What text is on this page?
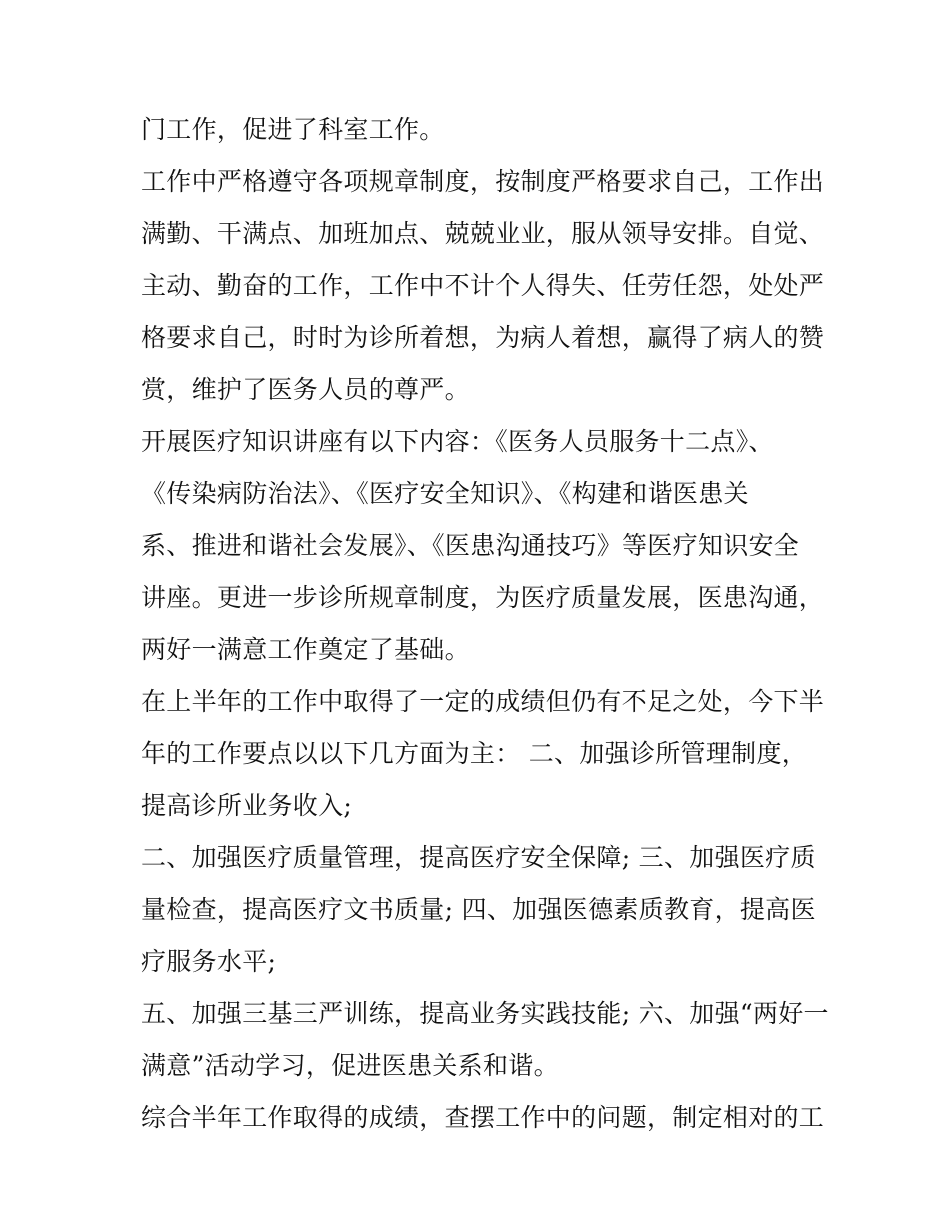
门工作，促进了科室工作。
工作中严格遵守各项规章制度，按制度严格要求自己，工作出
满勤、干满点、加班加点、兢兢业业，服从领导安排。自觉、
主动、勤奋的工作，工作中不计个人得失、任劳任怨，处处严
格要求自己，时时为诊所着想，为病人着想，赢得了病人的赞
赏，维护了医务人员的尊严。
开展医疗知识讲座有以下内容：《医务人员服务十二点》、
《传染病防治法》、《医疗安全知识》、《构建和谐医患关
系、推进和谐社会发展》、《医患沟通技巧》等医疗知识安全
讲座。更进一步诊所规章制度，为医疗质量发展，医患沟通，
两好一满意工作奠定了基础。
在上半年的工作中取得了一定的成绩但仍有不足之处，今下半
年的工作要点以以下几方面为主： 二、加强诊所管理制度，
提高诊所业务收入;
二、加强医疗质量管理，提高医疗安全保障; 三、加强医疗质
量检查，提高医疗文书质量; 四、加强医德素质教育，提高医
疗服务水平;
五、加强三基三严训练，提高业务实践技能; 六、加强“两好一
满意”活动学习，促进医患关系和谐。
综合半年工作取得的成绩，查摆工作中的问题，制定相对的工
